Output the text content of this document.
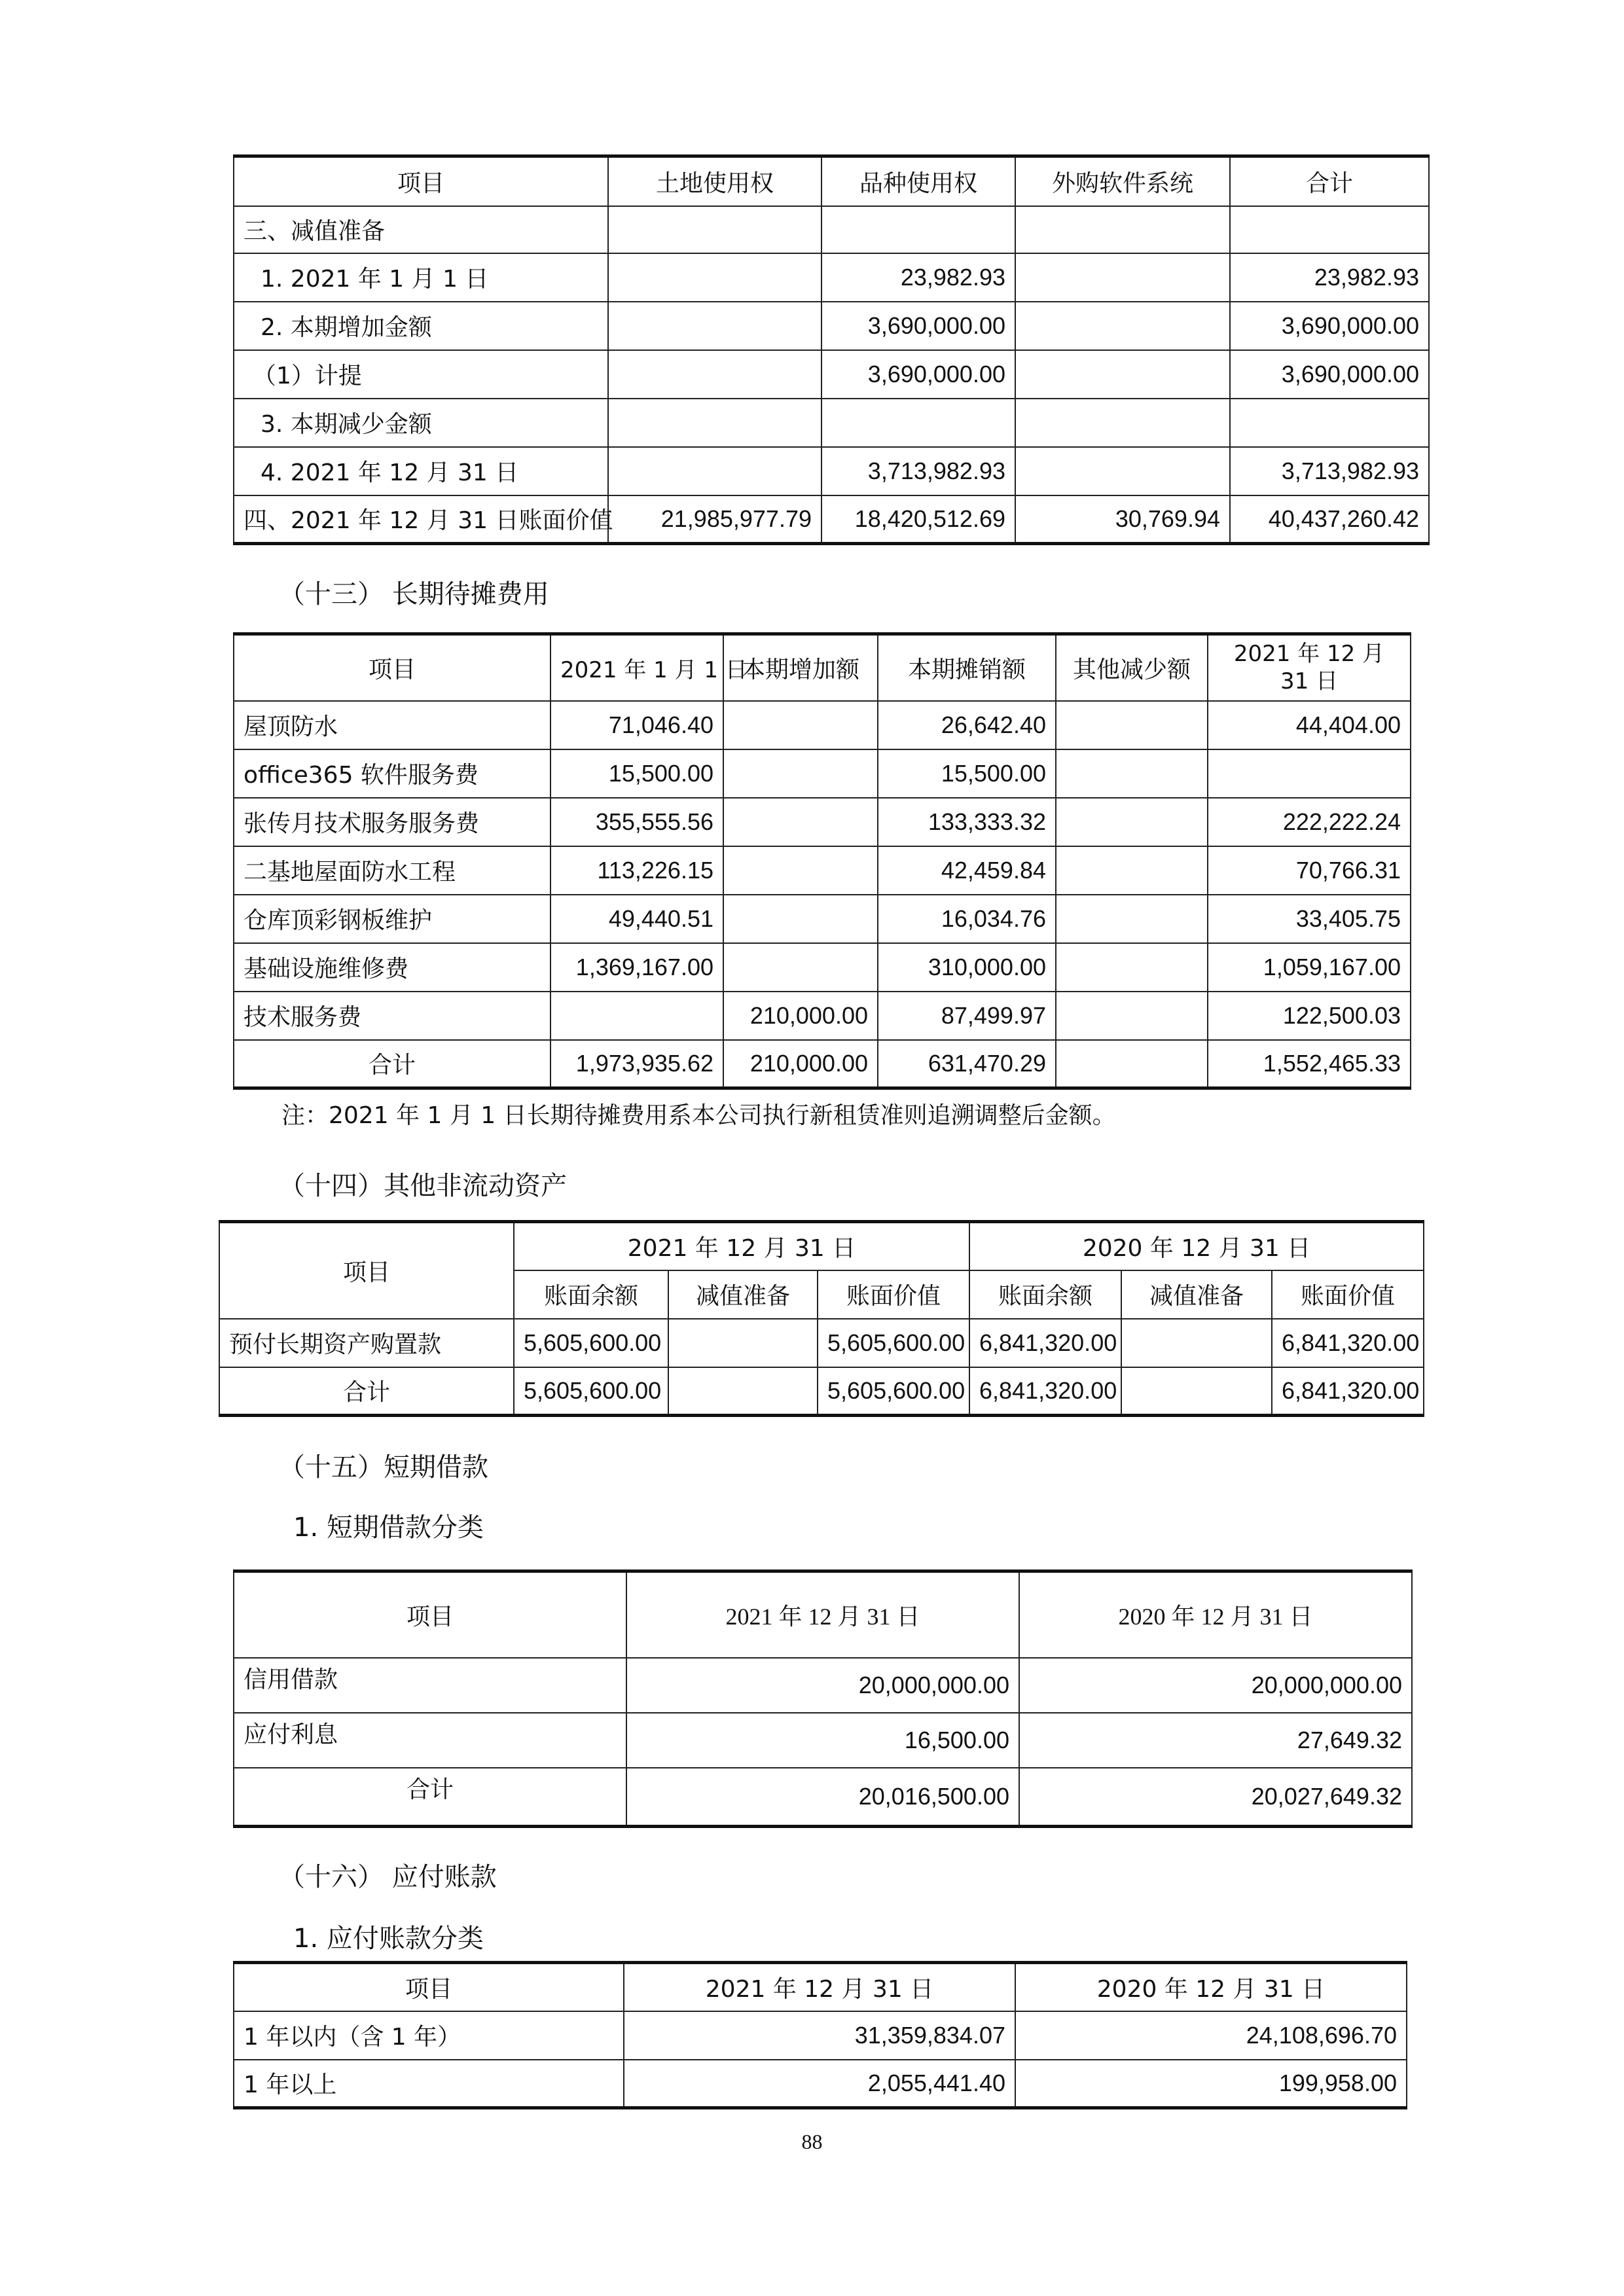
项目	土地使用权	品种使用权	外购软件系统	合计
三、减值准备				
1. 2021 年 1 月 1 日		23,982.93		23,982.93
2. 本期增加金额		3,690,000.00		3,690,000.00
（1）计提		3,690,000.00		3,690,000.00
3. 本期减少金额				
4. 2021 年 12 月 31 日		3,713,982.93		3,713,982.93
四、2021 年 12 月 31 日账面价值	21,985,977.79	18,420,512.69	30,769.94	40,437,260.42
（十三） 长期待摊费用
项目	2021 年 1 月 1 日	本期增加额	本期摊销额	其他减少额	2021 年 12 月 31 日
屋顶防水	71,046.40		26,642.40		44,404.00
office365 软件服务费	15,500.00		15,500.00		
张传月技术服务服务费	355,555.56		133,333.32		222,222.24
二基地屋面防水工程	113,226.15		42,459.84		70,766.31
仓库顶彩钢板维护	49,440.51		16,034.76		33,405.75
基础设施维修费	1,369,167.00		310,000.00		1,059,167.00
技术服务费		210,000.00	87,499.97		122,500.03
合计	1,973,935.62	210,000.00	631,470.29		1,552,465.33
注：2021 年 1 月 1 日长期待摊费用系本公司执行新租赁准则追溯调整后金额。
（十四）其他非流动资产
项目	2021 年 12 月 31 日			2020 年 12 月 31 日		
	账面余额	减值准备	账面价值	账面余额	减值准备	账面价值
预付长期资产购置款	5,605,600.00		5,605,600.00	6,841,320.00		6,841,320.00
合计	5,605,600.00		5,605,600.00	6,841,320.00		6,841,320.00
（十五）短期借款
1. 短期借款分类
项目	2021 年 12 月 31 日	2020 年 12 月 31 日
信用借款	20,000,000.00	20,000,000.00
应付利息	16,500.00	27,649.32
合计	20,016,500.00	20,027,649.32
（十六） 应付账款
1. 应付账款分类
项目	2021 年 12 月 31 日	2020 年 12 月 31 日
1 年以内（含 1 年）	31,359,834.07	24,108,696.70
1 年以上	2,055,441.40	199,958.00
88
